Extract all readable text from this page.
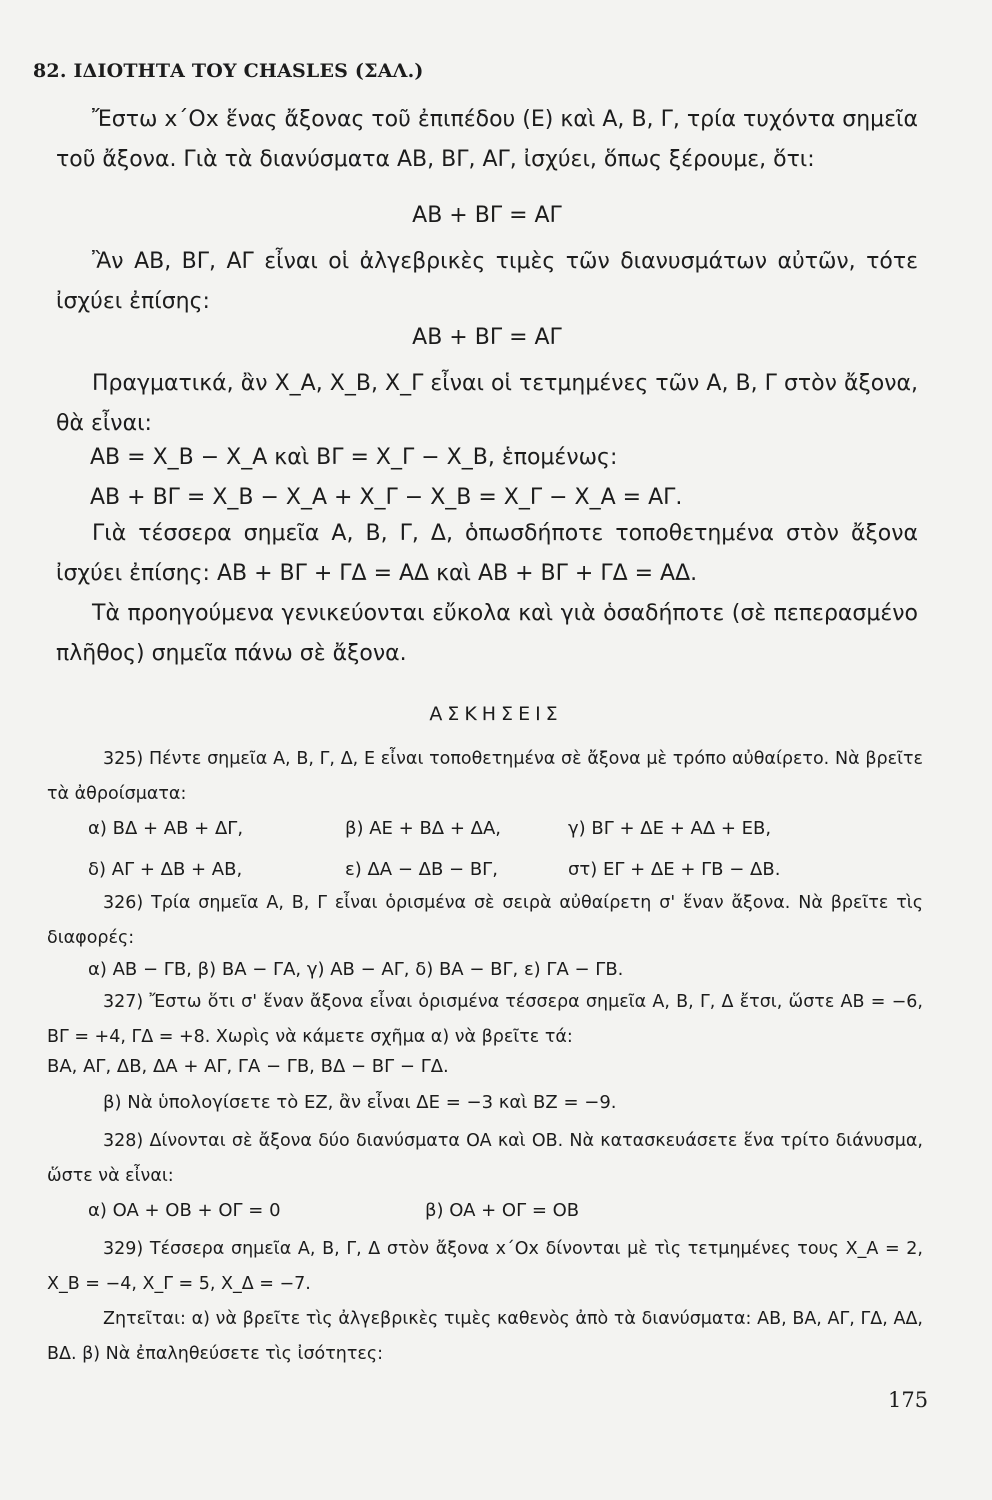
82. ΙΔΙΟΤΗΤΑ ΤΟΥ CHASLES (ΣΑΛ.)
Ἔστω x΄Ox ἕνας ἄξονας τοῦ ἐπιπέδου (E) καὶ A, B, Γ, τρία τυχόντα σημεῖα τοῦ ἄξονα. Γιὰ τὰ διανύσματα AB, BΓ, AΓ, ἰσχύει, ὅπως ξέρουμε, ὅτι:
AB + BΓ = AΓ
Ἂν AB, BΓ, AΓ εἶναι οἱ ἀλγεβρικὲς τιμὲς τῶν διανυσμάτων αὐτῶν, τότε ἰσχύει ἐπίσης:
AB + BΓ = AΓ
Πραγματικά, ἂν X_A, X_B, X_Γ εἶναι οἱ τετμημένες τῶν A, B, Γ στὸν ἄξονα, θὰ εἶναι:
AB = X_B − X_A καὶ BΓ = X_Γ − X_B, ἑπομένως:
AB + BΓ = X_B − X_A + X_Γ − X_B = X_Γ − X_A = AΓ.
Γιὰ τέσσερα σημεῖα A, B, Γ, Δ, ὁπωσδήποτε τοποθετημένα στὸν ἄξονα ἰσχύει ἐπίσης: AB + BΓ + ΓΔ = AΔ καὶ AB + BΓ + ΓΔ = AΔ.
Τὰ προηγούμενα γενικεύονται εὔκολα καὶ γιὰ ὁσαδήποτε (σὲ πεπερασμένο πλῆθος) σημεῖα πάνω σὲ ἄξονα.
ΑΣΚΗΣΕΙΣ
325) Πέντε σημεῖα A, B, Γ, Δ, E εἶναι τοποθετημένα σὲ ἄξονα μὲ τρόπο αὐθαίρετο. Νὰ βρεῖτε τὰ ἀθροίσματα:
α) BΔ + AB + ΔΓ,	β) AE + BΔ + ΔA,	γ) BΓ + ΔE + AΔ + EB,
δ) AΓ + ΔB + AB,	ε) ΔA − ΔB − BΓ,	στ) EΓ + ΔE + ΓB − ΔB.
326) Τρία σημεῖα A, B, Γ εἶναι ὁρισμένα σὲ σειρὰ αὐθαίρετη σ' ἕναν ἄξονα. Νὰ βρεῖτε τὶς διαφορές:
α) AB − ΓB, β) BA − ΓA, γ) AB − AΓ, δ) BA − BΓ, ε) ΓA − ΓB.
327) Ἔστω ὅτι σ' ἕναν ἄξονα εἶναι ὁρισμένα τέσσερα σημεῖα A, B, Γ, Δ ἔτσι, ὥστε AB = −6, BΓ = +4, ΓΔ = +8. Χωρὶς νὰ κάμετε σχῆμα α) νὰ βρεῖτε τά:
BA, AΓ, ΔB, ΔA + AΓ, ΓA − ΓB, BΔ − BΓ − ΓΔ.
β) Νὰ ὑπολογίσετε τὸ EZ, ἂν εἶναι ΔE = −3 καὶ BZ = −9.
328) Δίνονται σὲ ἄξονα δύο διανύσματα OA καὶ OB. Νὰ κατασκευάσετε ἕνα τρίτο διάνυσμα, ὥστε νὰ εἶναι:
α) OA + OB + OΓ = 0	β) OA + OΓ = OB
329) Τέσσερα σημεῖα A, B, Γ, Δ στὸν ἄξονα x΄Ox δίνονται μὲ τὶς τετμημένες τους X_A = 2, X_B = −4, X_Γ = 5, X_Δ = −7.
Ζητεῖται: α) νὰ βρεῖτε τὶς ἀλγεβρικὲς τιμὲς καθενὸς ἀπὸ τὰ διανύσματα: AB, BA, AΓ, ΓΔ, AΔ, BΔ. β) Νὰ ἐπαληθεύσετε τὶς ἰσότητες:
175
